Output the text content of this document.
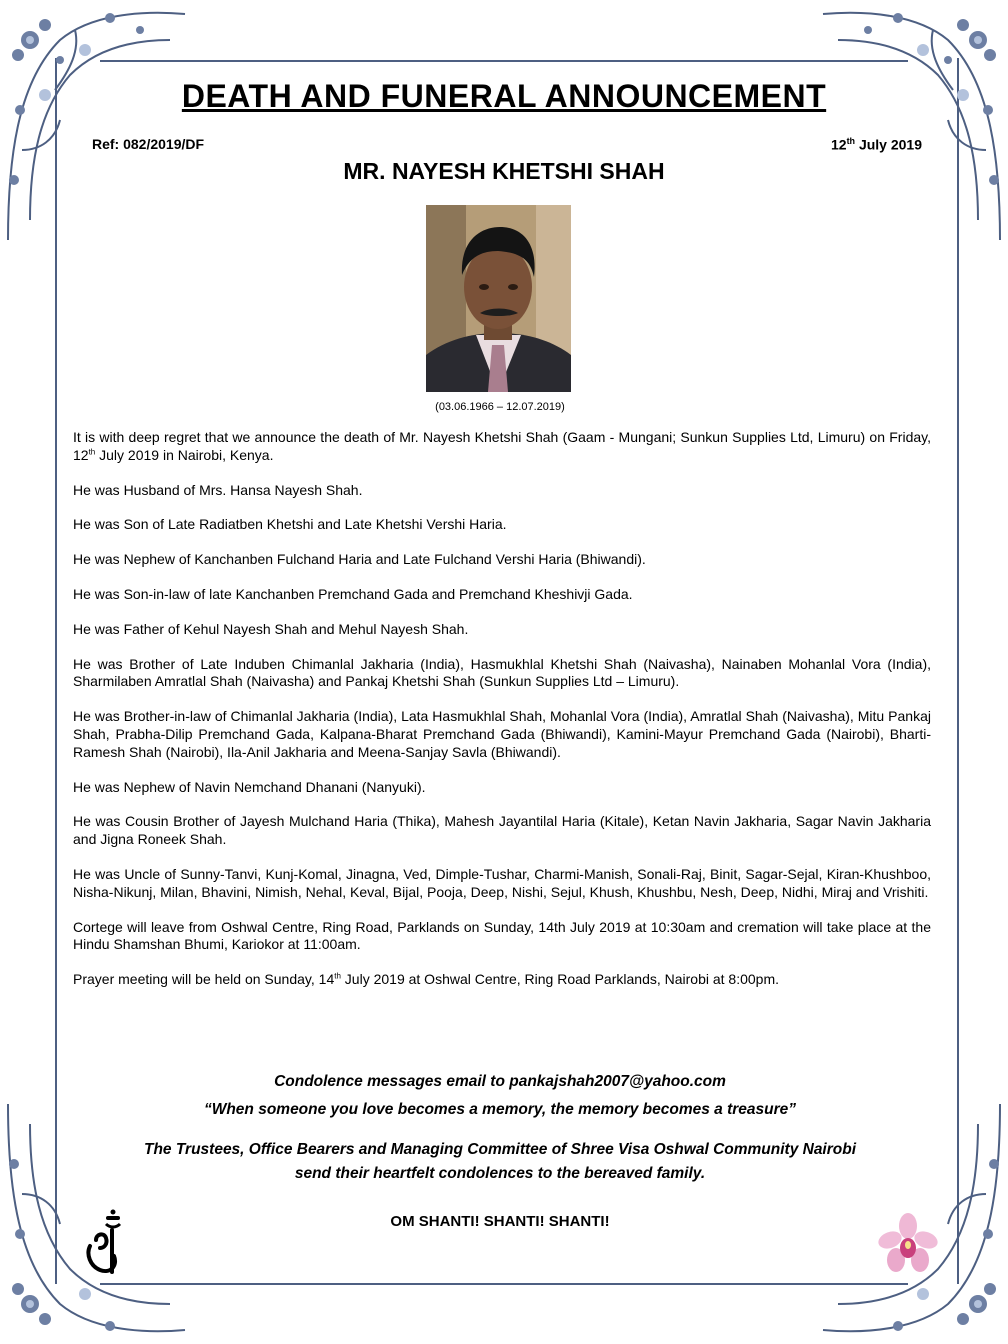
DEATH AND FUNERAL ANNOUNCEMENT
Ref: 082/2019/DF	12th July 2019
MR. NAYESH KHETSHI SHAH
(03.06.1966 – 12.07.2019)

It is with deep regret that we announce the death of Mr. Nayesh Khetshi Shah (Gaam - Mungani; Sunkun Supplies Ltd, Limuru) on Friday, 12th July 2019 in Nairobi, Kenya.

He was Husband of Mrs. Hansa Nayesh Shah.

He was Son of Late Radiatben Khetshi and Late Khetshi Vershi Haria.

He was Nephew of Kanchanben Fulchand Haria and Late Fulchand Vershi Haria (Bhiwandi).

He was Son-in-law of late Kanchanben Premchand Gada and Premchand Kheshivji Gada.

He was Father of Kehul Nayesh Shah and Mehul Nayesh Shah.

He was Brother of Late Induben Chimanlal Jakharia (India), Hasmukhlal Khetshi Shah (Naivasha), Nainaben Mohanlal Vora (India), Sharmilaben Amratlal Shah (Naivasha) and Pankaj Khetshi Shah (Sunkun Supplies Ltd – Limuru).

He was Brother-in-law of Chimanlal Jakharia (India), Lata Hasmukhlal Shah, Mohanlal Vora (India), Amratlal Shah (Naivasha), Mitu Pankaj Shah, Prabha-Dilip Premchand Gada, Kalpana-Bharat Premchand Gada (Bhiwandi), Kamini-Mayur Premchand Gada (Nairobi), Bharti-Ramesh Shah (Nairobi), Ila-Anil Jakharia and Meena-Sanjay Savla (Bhiwandi).

He was Nephew of Navin Nemchand Dhanani (Nanyuki).

He was Cousin Brother of Jayesh Mulchand Haria (Thika), Mahesh Jayantilal Haria (Kitale), Ketan Navin Jakharia, Sagar Navin Jakharia and Jigna Roneek Shah.

He was Uncle of Sunny-Tanvi, Kunj-Komal, Jinagna, Ved, Dimple-Tushar, Charmi-Manish, Sonali-Raj, Binit, Sagar-Sejal, Kiran-Khushboo, Nisha-Nikunj, Milan, Bhavini, Nimish, Nehal, Keval, Bijal, Pooja, Deep, Nishi, Sejul, Khush, Khushbu, Nesh, Deep, Nidhi, Miraj and Vrishiti.

Cortege will leave from Oshwal Centre, Ring Road, Parklands on Sunday, 14th July 2019 at 10:30am and cremation will take place at the Hindu Shamshan Bhumi, Kariokor at 11:00am.

Prayer meeting will be held on Sunday, 14th July 2019 at Oshwal Centre, Ring Road Parklands, Nairobi at 8:00pm.

Condolence messages email to pankajshah2007@yahoo.com
“When someone you love becomes a memory, the memory becomes a treasure”
The Trustees, Office Bearers and Managing Committee of Shree Visa Oshwal Community Nairobi
send their heartfelt condolences to the bereaved family.
OM SHANTI! SHANTI! SHANTI!
